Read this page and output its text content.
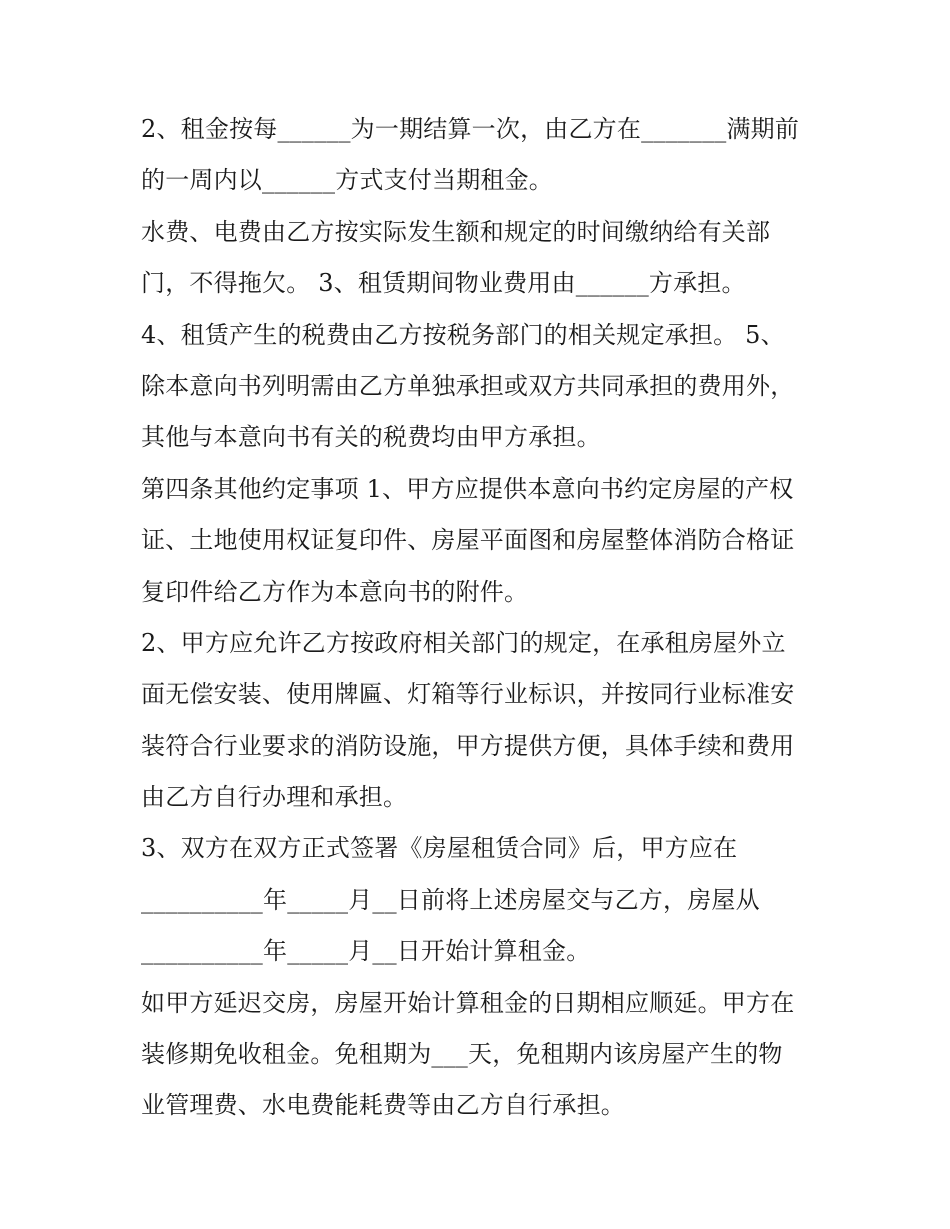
2、租金按每______为一期结算一次，由乙方在_______满期前
的一周内以______方式支付当期租金。
水费、电费由乙方按实际发生额和规定的时间缴纳给有关部
门，不得拖欠。 3、租赁期间物业费用由______方承担。
4、租赁产生的税费由乙方按税务部门的相关规定承担。 5、
除本意向书列明需由乙方单独承担或双方共同承担的费用外，
其他与本意向书有关的税费均由甲方承担。
第四条其他约定事项 1、甲方应提供本意向书约定房屋的产权
证、土地使用权证复印件、房屋平面图和房屋整体消防合格证
复印件给乙方作为本意向书的附件。
2、甲方应允许乙方按政府相关部门的规定，在承租房屋外立
面无偿安装、使用牌匾、灯箱等行业标识，并按同行业标准安
装符合行业要求的消防设施，甲方提供方便，具体手续和费用
由乙方自行办理和承担。
3、双方在双方正式签署《房屋租赁合同》后，甲方应在
__________年_____月__日前将上述房屋交与乙方，房屋从
__________年_____月__日开始计算租金。
如甲方延迟交房，房屋开始计算租金的日期相应顺延。甲方在
装修期免收租金。免租期为___天，免租期内该房屋产生的物
业管理费、水电费能耗费等由乙方自行承担。
